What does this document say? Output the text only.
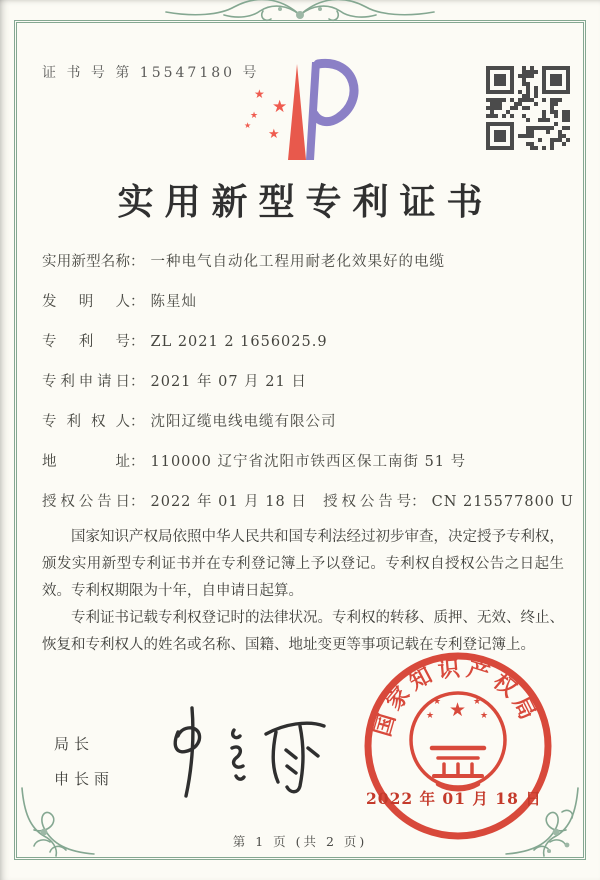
证 书 号 第 15547180 号
★
★
★
★
★
实用新型专利证书
实用新型名称： 一种电气自动化工程用耐老化效果好的电缆
发明人： 陈星灿
专利号： ZL 2021 2 1656025.9
专利申请日： 2021 年 07 月 21 日
专利权人： 沈阳辽缆电线电缆有限公司
地址： 110000 辽宁省沈阳市铁西区保工南街 51 号
授权公告日： 2022 年 01 月 18 日 授权公告号： CN 215577800 U

国家知识产权局依照中华人民共和国专利法经过初步审查，决定授予专利权，颁发实用新型专利证书并在专利登记簿上予以登记。专利权自授权公告之日起生效。专利权期限为十年，自申请日起算。

专利证书记载专利权登记时的法律状况。专利权的转移、质押、无效、终止、恢复和专利权人的姓名或名称、国籍、地址变更等事项记载在专利登记簿上。

局长
申长雨
国家知识产权局
★
★	★
★	★
2022 年 01 月 18 日
第 1 页 (共 2 页)
